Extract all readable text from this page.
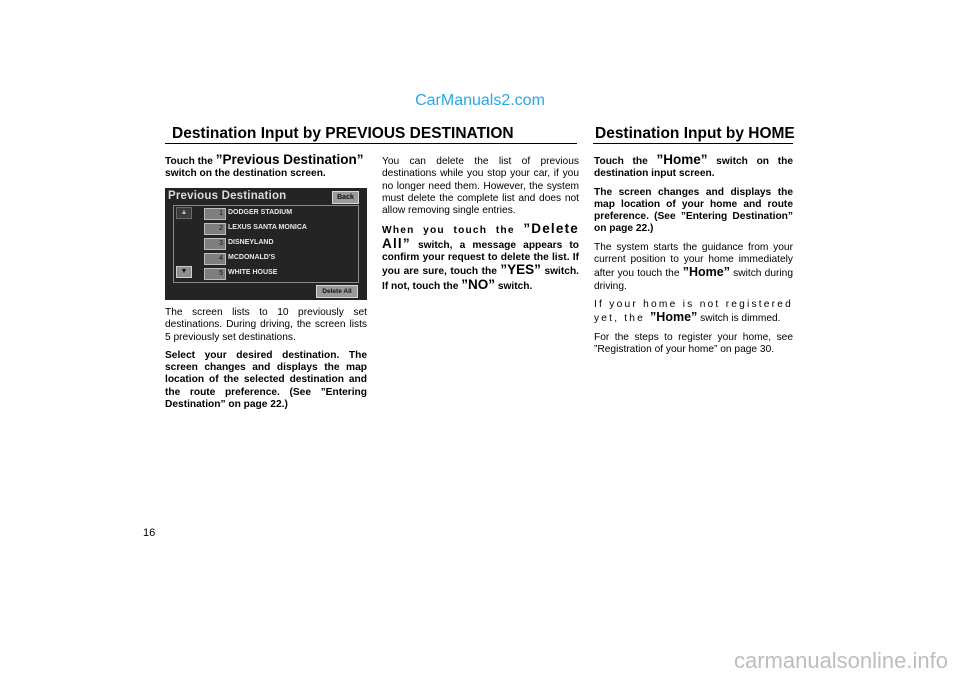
CarManuals2.com
Destination Input by PREVIOUS DESTINATION	Destination Input by HOME

Touch the ”Previous Destination”
switch on the destination screen.

Previous Destination	Back
▲
▼
1 DODGER STADIUM
2 LEXUS SANTA MONICA
3 DISNEYLAND
4 MCDONALD'S
5 WHITE HOUSE
Delete All

The screen lists to 10 previously set destinations. During driving, the screen lists 5 previously set destinations.

Select your desired destination. The screen changes and displays the map location of the selected destination and the route preference. (See ”Entering Destination” on page 22.)

You can delete the list of previous destinations while you stop your car, if you no longer need them. However, the system must delete the complete list and does not allow removing single entries.

When you touch the ”Delete All” switch, a message appears to confirm your request to delete the list. If you are sure, touch the ”YES” switch. If not, touch the ”NO” switch.

Touch the ”Home” switch on the destination input screen.

The screen changes and displays the map location of your home and route preference. (See ”Entering Destination” on page 22.)

The system starts the guidance from your current position to your home immediately after you touch the ”Home” switch during driving.

If your home is not registered yet, the ”Home” switch is dimmed.

For the steps to register your home, see ”Registration of your home” on page 30.

16
carmanualsonline.info
